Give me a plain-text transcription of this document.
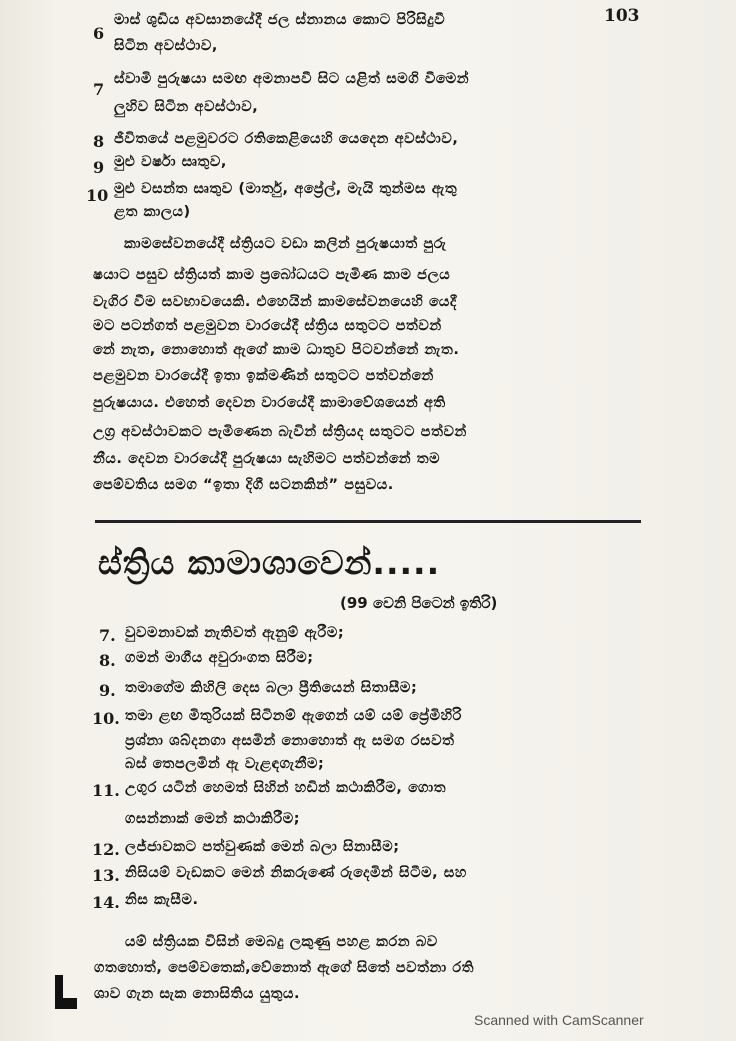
103
6
මාස් ශුඩිය අවසානයේදී ජල ස්නානය කොට පිරිසිදුවී
සිටින අවස්ථාව,
7
ස්වාමි පුරුෂයා සමඟ අමනාපවී සිට යළිත් සමගි වීමෙන්
ලුහිව සිටින අවස්ථාව,
8 ජීවිතයේ පළමුවරට රතිකෙළියෙහි යෙදෙන අවස්ථාව,
9 මුළු වර්ෂා සෘතුව,
10 මුළු වසන්ත සෘතුව (මාර්තු, අප්‍රේල්, මැයි තුන්මස ඇතු
ළත කාලය)
කාමසේවනයේදී ස්ත්‍රියට වඩා කලින් පුරුෂයාත් පුරු
ෂයාට පසුව ස්ත්‍රියත් කාම ප්‍රබෝධයට පැමිණ කාම ජලය
වැගිර වීම සවභාවයෙකි. එහෙයින් කාමසේවනයෙහි යෙදී
මට පටන්ගත් පළමුවන වාරයේදී ස්ත්‍රිය සතුටට පත්වන්
නේ නැත, නොහොත් ඇගේ කාම ධාතුව පිටවන්නේ නැත.
පළමුවන වාරයේදී ඉතා ඉක්මණින් සතුටට පත්වන්නේ
පුරුෂයාය. එහෙත් දෙවන වාරයේදී කාමාවේශයෙන් අති
උග්‍ර අවස්ථාවකට පැමිණෙන බැවින් ස්ත්‍රියද සතුටට පත්වන්
නීය. දෙවන වාරයේදී පුරුෂයා සැහිමට පත්වන්නේ තම
පෙම්වතිය සමග “ඉතා දිගී සටනකින්” පසුවය.
ස්ත්‍රිය කාමාශාවෙන්.....
(99 වෙනි පිටෙන් ඉතිරි)
7. වුවමනාවක් නැතිවත් ඇනුම් ඇරීම;
8. ගමන් මාගීය අවුරාංගත සිරීම;
9. තමාගේම කිහිලි දෙස බලා ප්‍රීතියෙන් සිතාසීම;
10. තමා ළඟ මිතුරියක් සිටිනම් ඇගෙන් යම් යම් ප්‍රේමිහිරි
ප්‍රශ්නා ශබ්දනගා අසමින් නොහොත් ඇ සමග රසවත්
බස් තෙපලමින් ඇ වැළඳගැනීම;
11. උගුර යටින් හෙමත් සිහින් හඩින් කථාකිරීම, ගොත
ගසන්නාක් මෙන් කථාකිරීම;
12. ලජ්ජාවකට පත්වුණක් මෙන් බලා සිනාසීම;
13. නිසියම් වැඩකට මෙන් නිකරුණේ රුදෙමින් සිටීම, සහ
14. නිස කැසීම.
යම් ස්ත්‍රියක විසින් මෙබදු ලකුණු පහළ කරන බව
ගතහොත්, පෙම්වතෙක්,වේනොත් ඇගේ සිතේ පවත්නා රති
ශාව ගැන සැක නොසිතිය යුතුය.
Scanned with CamScanner
